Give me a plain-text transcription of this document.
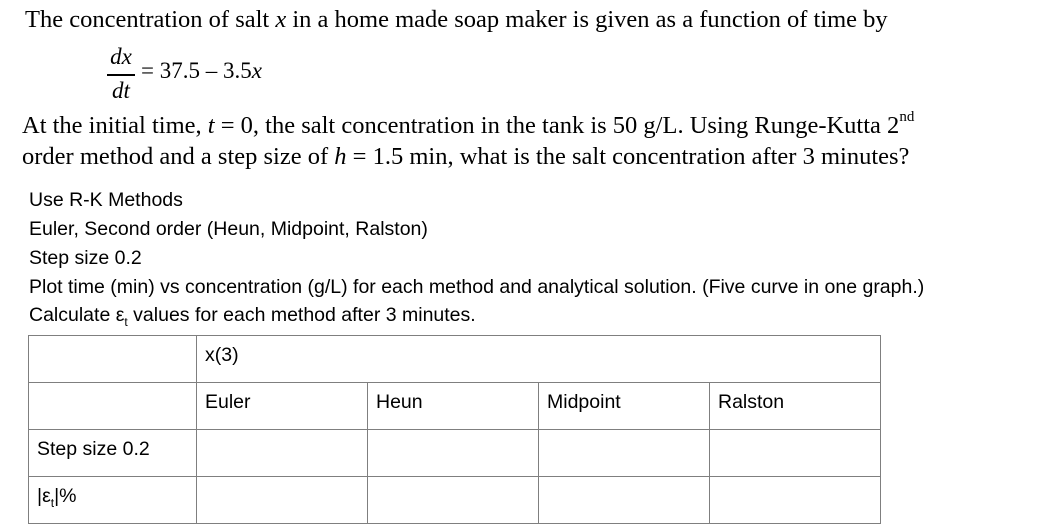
The concentration of salt x in a home made soap maker is given as a function of time by
dx
dt
= 37.5 – 3.5x
At the initial time, t = 0, the salt concentration in the tank is 50 g/L. Using Runge-Kutta 2nd
order method and a step size of h = 1.5 min, what is the salt concentration after 3 minutes?
Use R-K Methods
Euler, Second order (Heun, Midpoint, Ralston)
Step size 0.2
Plot time (min) vs concentration (g/L) for each method and analytical solution. (Five curve in one graph.)
Calculate $\varepsilon_t$ values for each method after 3 minutes.
	x(3)			
	Euler	Heun	Midpoint	Ralston
Step size 0.2				
$|\varepsilon_t|\%$				
